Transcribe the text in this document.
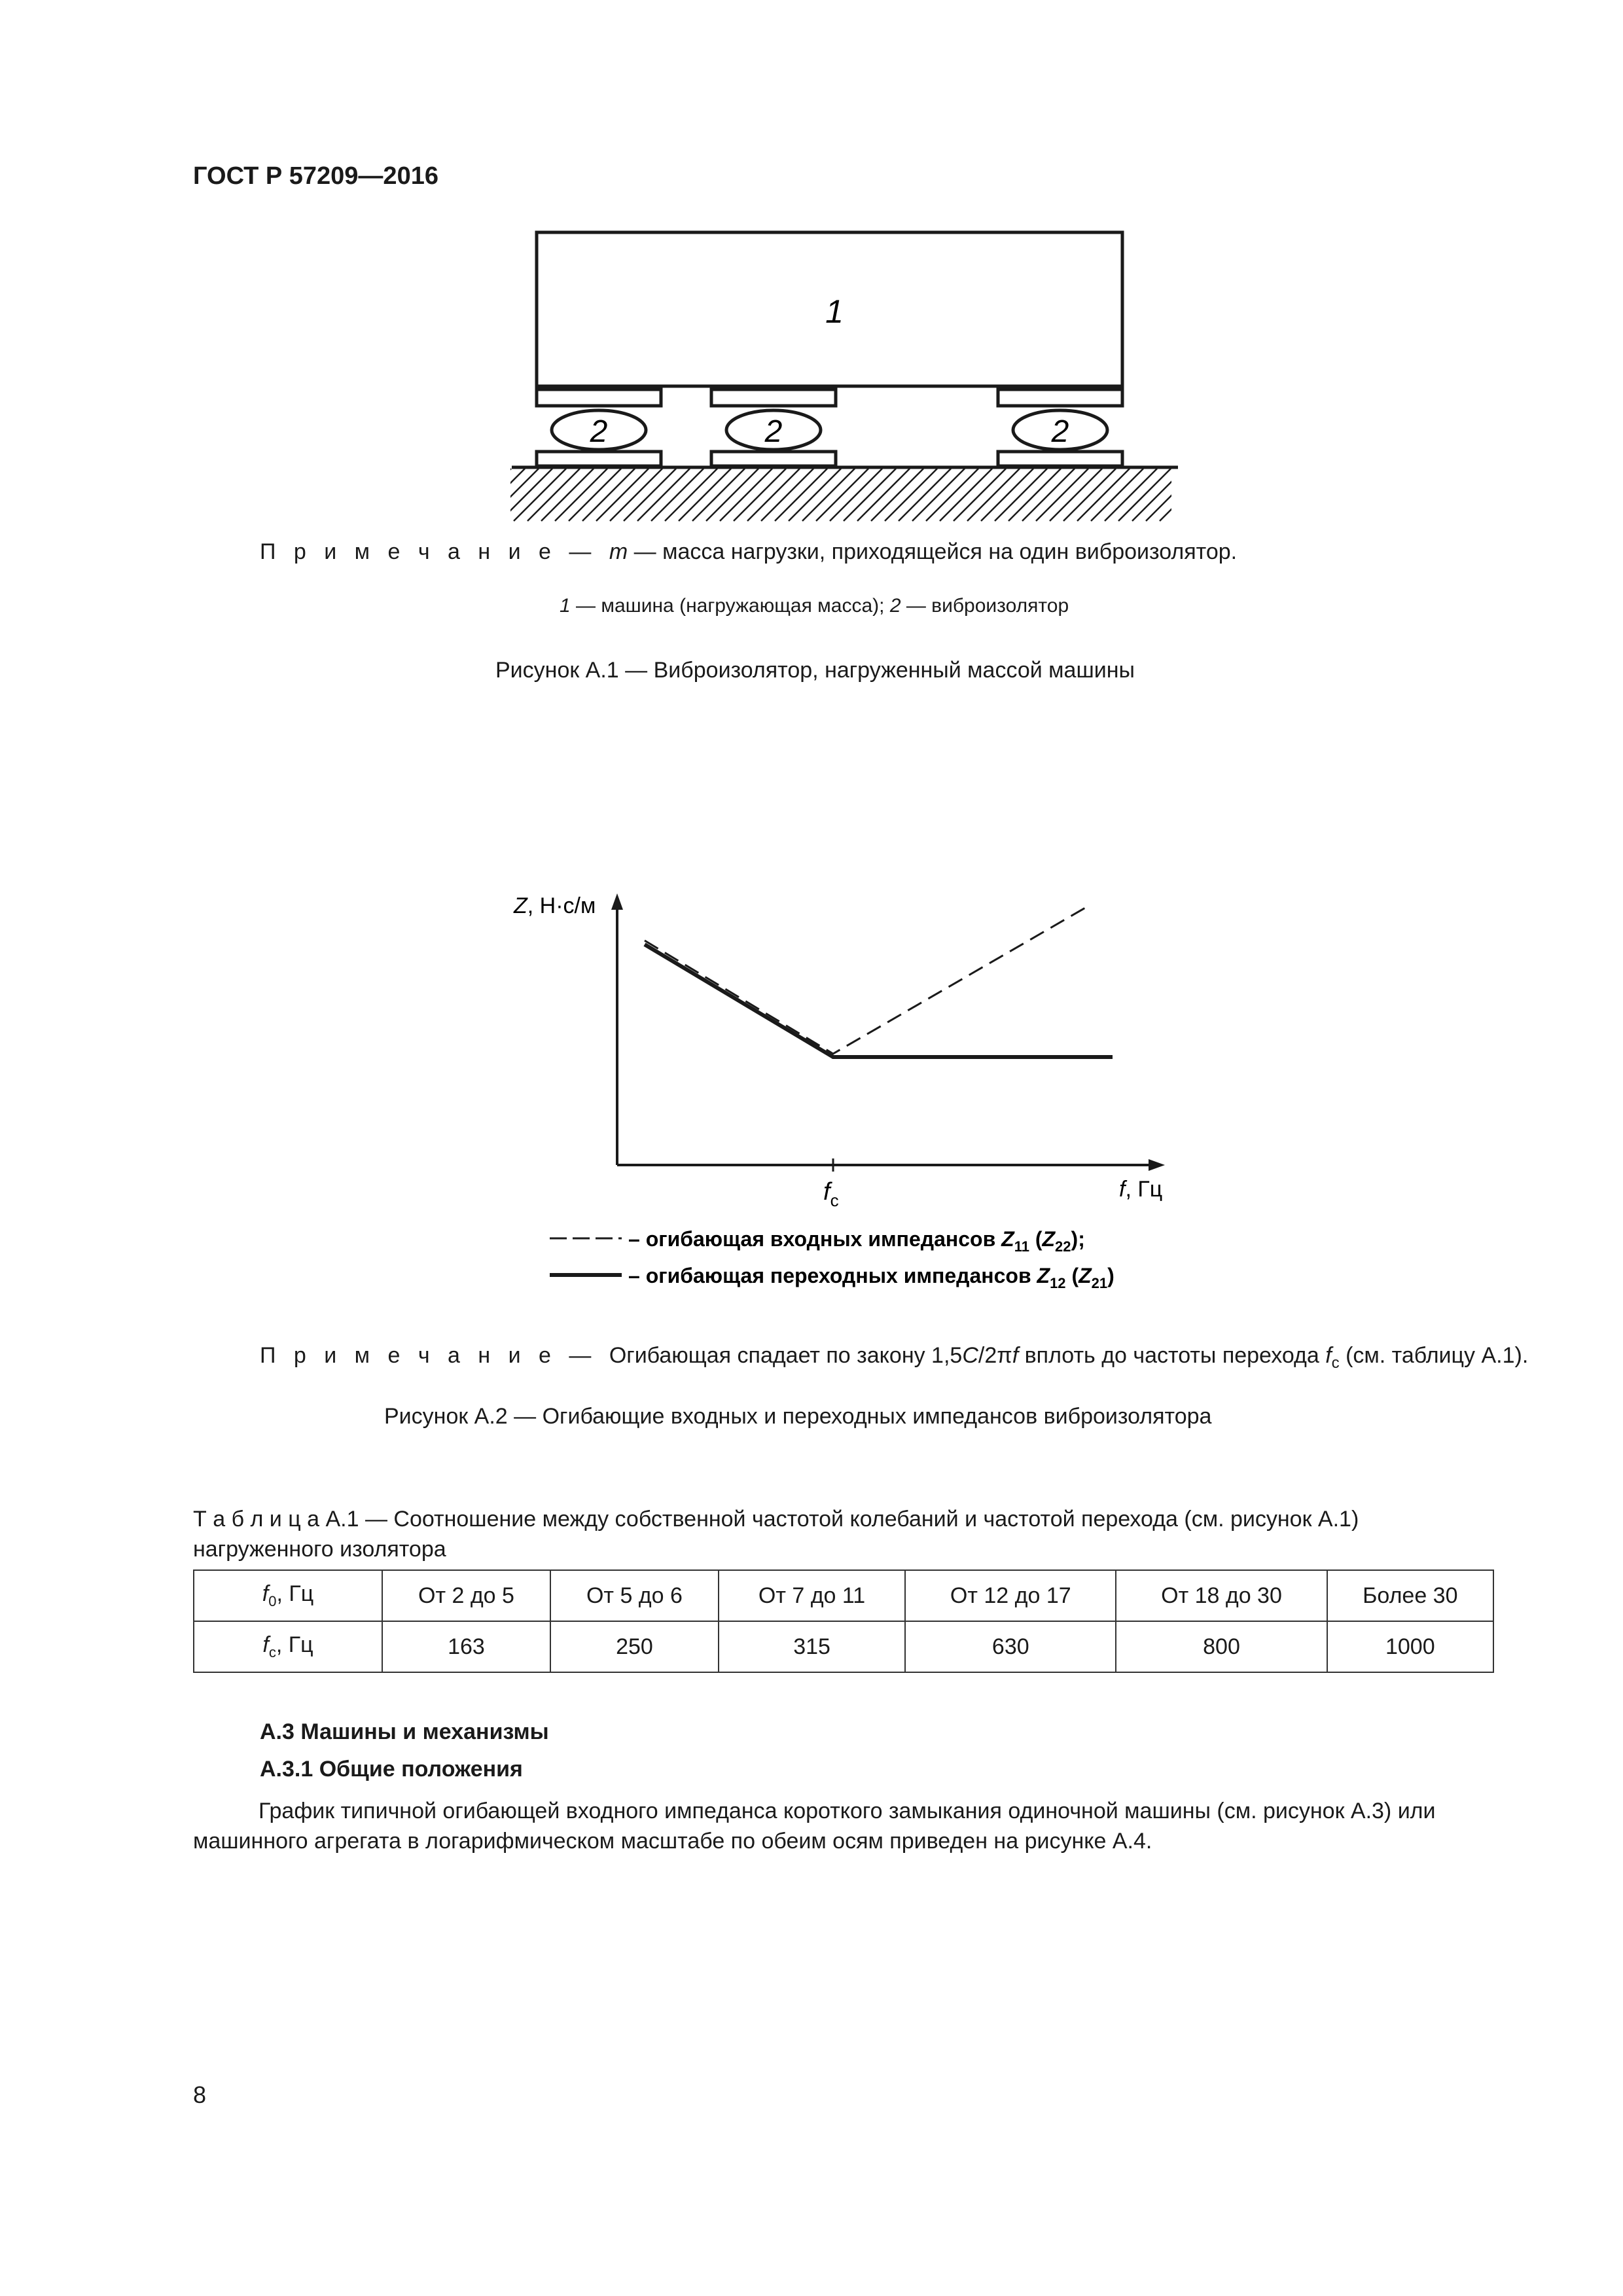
ГОСТ Р 57209—2016
1
2	2	2
П р и м е ч а н и е — m — масса нагрузки, приходящейся на один виброизолятор.
1 — машина (нагружающая масса); 2 — виброизолятор
Рисунок А.1 — Виброизолятор, нагруженный массой машины
Z, Н·с/м
$f_c$	f, Гц
– огибающая входных импедансов $Z_{11}$ $(Z_{22})$;
– огибающая переходных импедансов $Z_{12}$ $(Z_{21})$
П р и м е ч а н и е — Огибающая спадает по закону 1,5C/2πf вплоть до частоты перехода $f_c$ (см. таблицу А.1).
Рисунок А.2 — Огибающие входных и переходных импедансов виброизолятора
Т а б л и ц а А.1 — Соотношение между собственной частотой колебаний и частотой перехода (см. рисунок А.1) нагруженного изолятора
$f_0$, Гц	От 2 до 5	От 5 до 6	От 7 до 11	От 12 до 17	От 18 до 30	Более 30
$f_c$, Гц	163	250	315	630	800	1000
А.3 Машины и механизмы
А.3.1 Общие положения
График типичной огибающей входного импеданса короткого замыкания одиночной машины (см. рисунок А.3) или машинного агрегата в логарифмическом масштабе по обеим осям приведен на рисунке А.4.
8
